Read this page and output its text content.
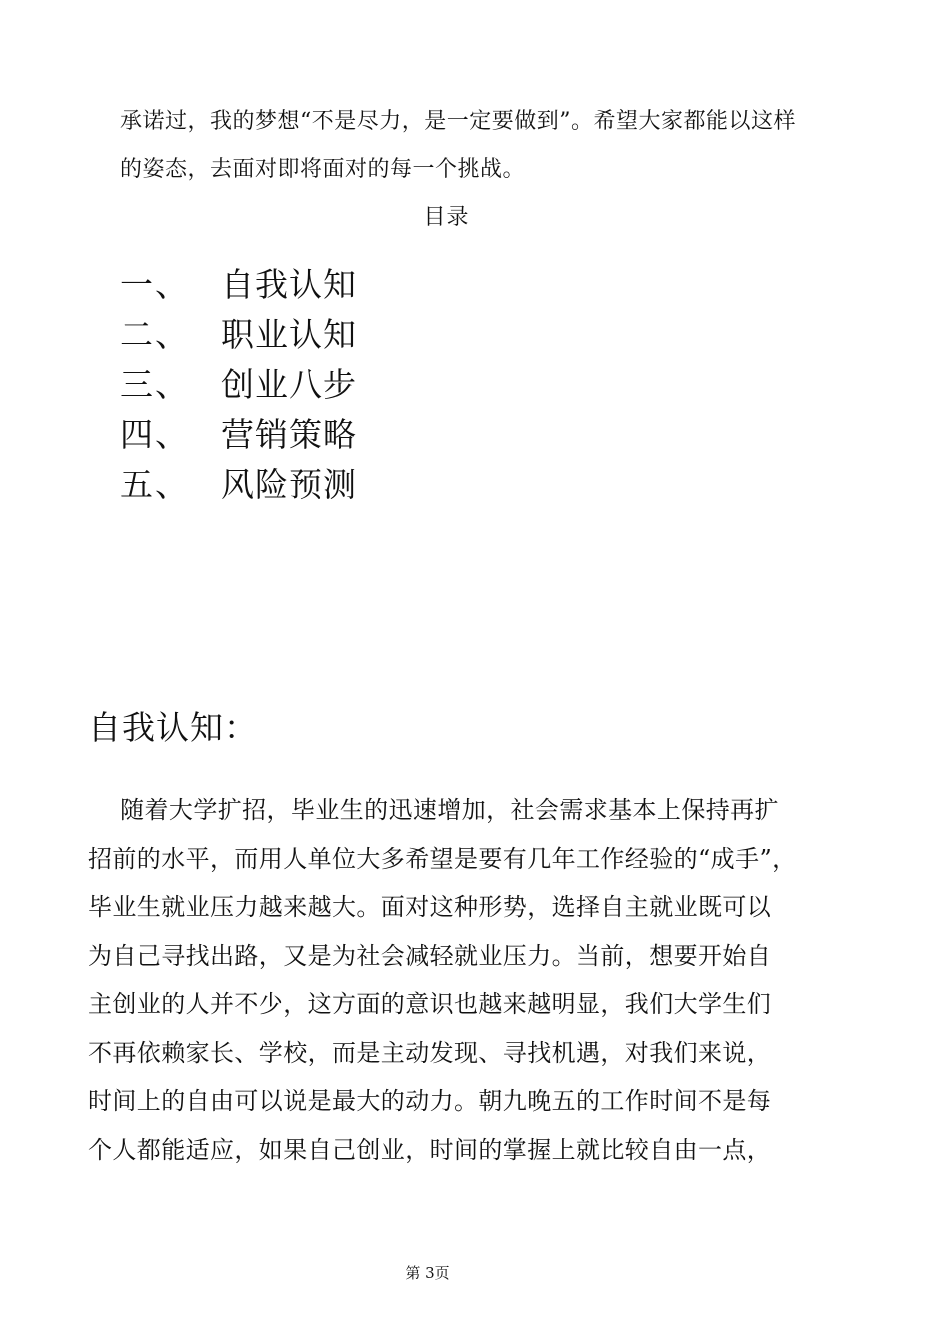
承诺过，我的梦想“不是尽力，是一定要做到”。希望大家都能以这样

的姿态，去面对即将面对的每一个挑战。

目录
一、 自我认知
二、 职业认知
三、 创业八步
四、 营销策略
五、 风险预测
自我认知：

随着大学扩招，毕业生的迅速增加，社会需求基本上保持再扩

招前的水平，而用人单位大多希望是要有几年工作经验的“成手”，

毕业生就业压力越来越大。面对这种形势，选择自主就业既可以

为自己寻找出路，又是为社会减轻就业压力。当前，想要开始自

主创业的人并不少，这方面的意识也越来越明显，我们大学生们

不再依赖家长、学校，而是主动发现、寻找机遇，对我们来说，

时间上的自由可以说是最大的动力。朝九晚五的工作时间不是每

个人都能适应，如果自己创业，时间的掌握上就比较自由一点，

第 3页
